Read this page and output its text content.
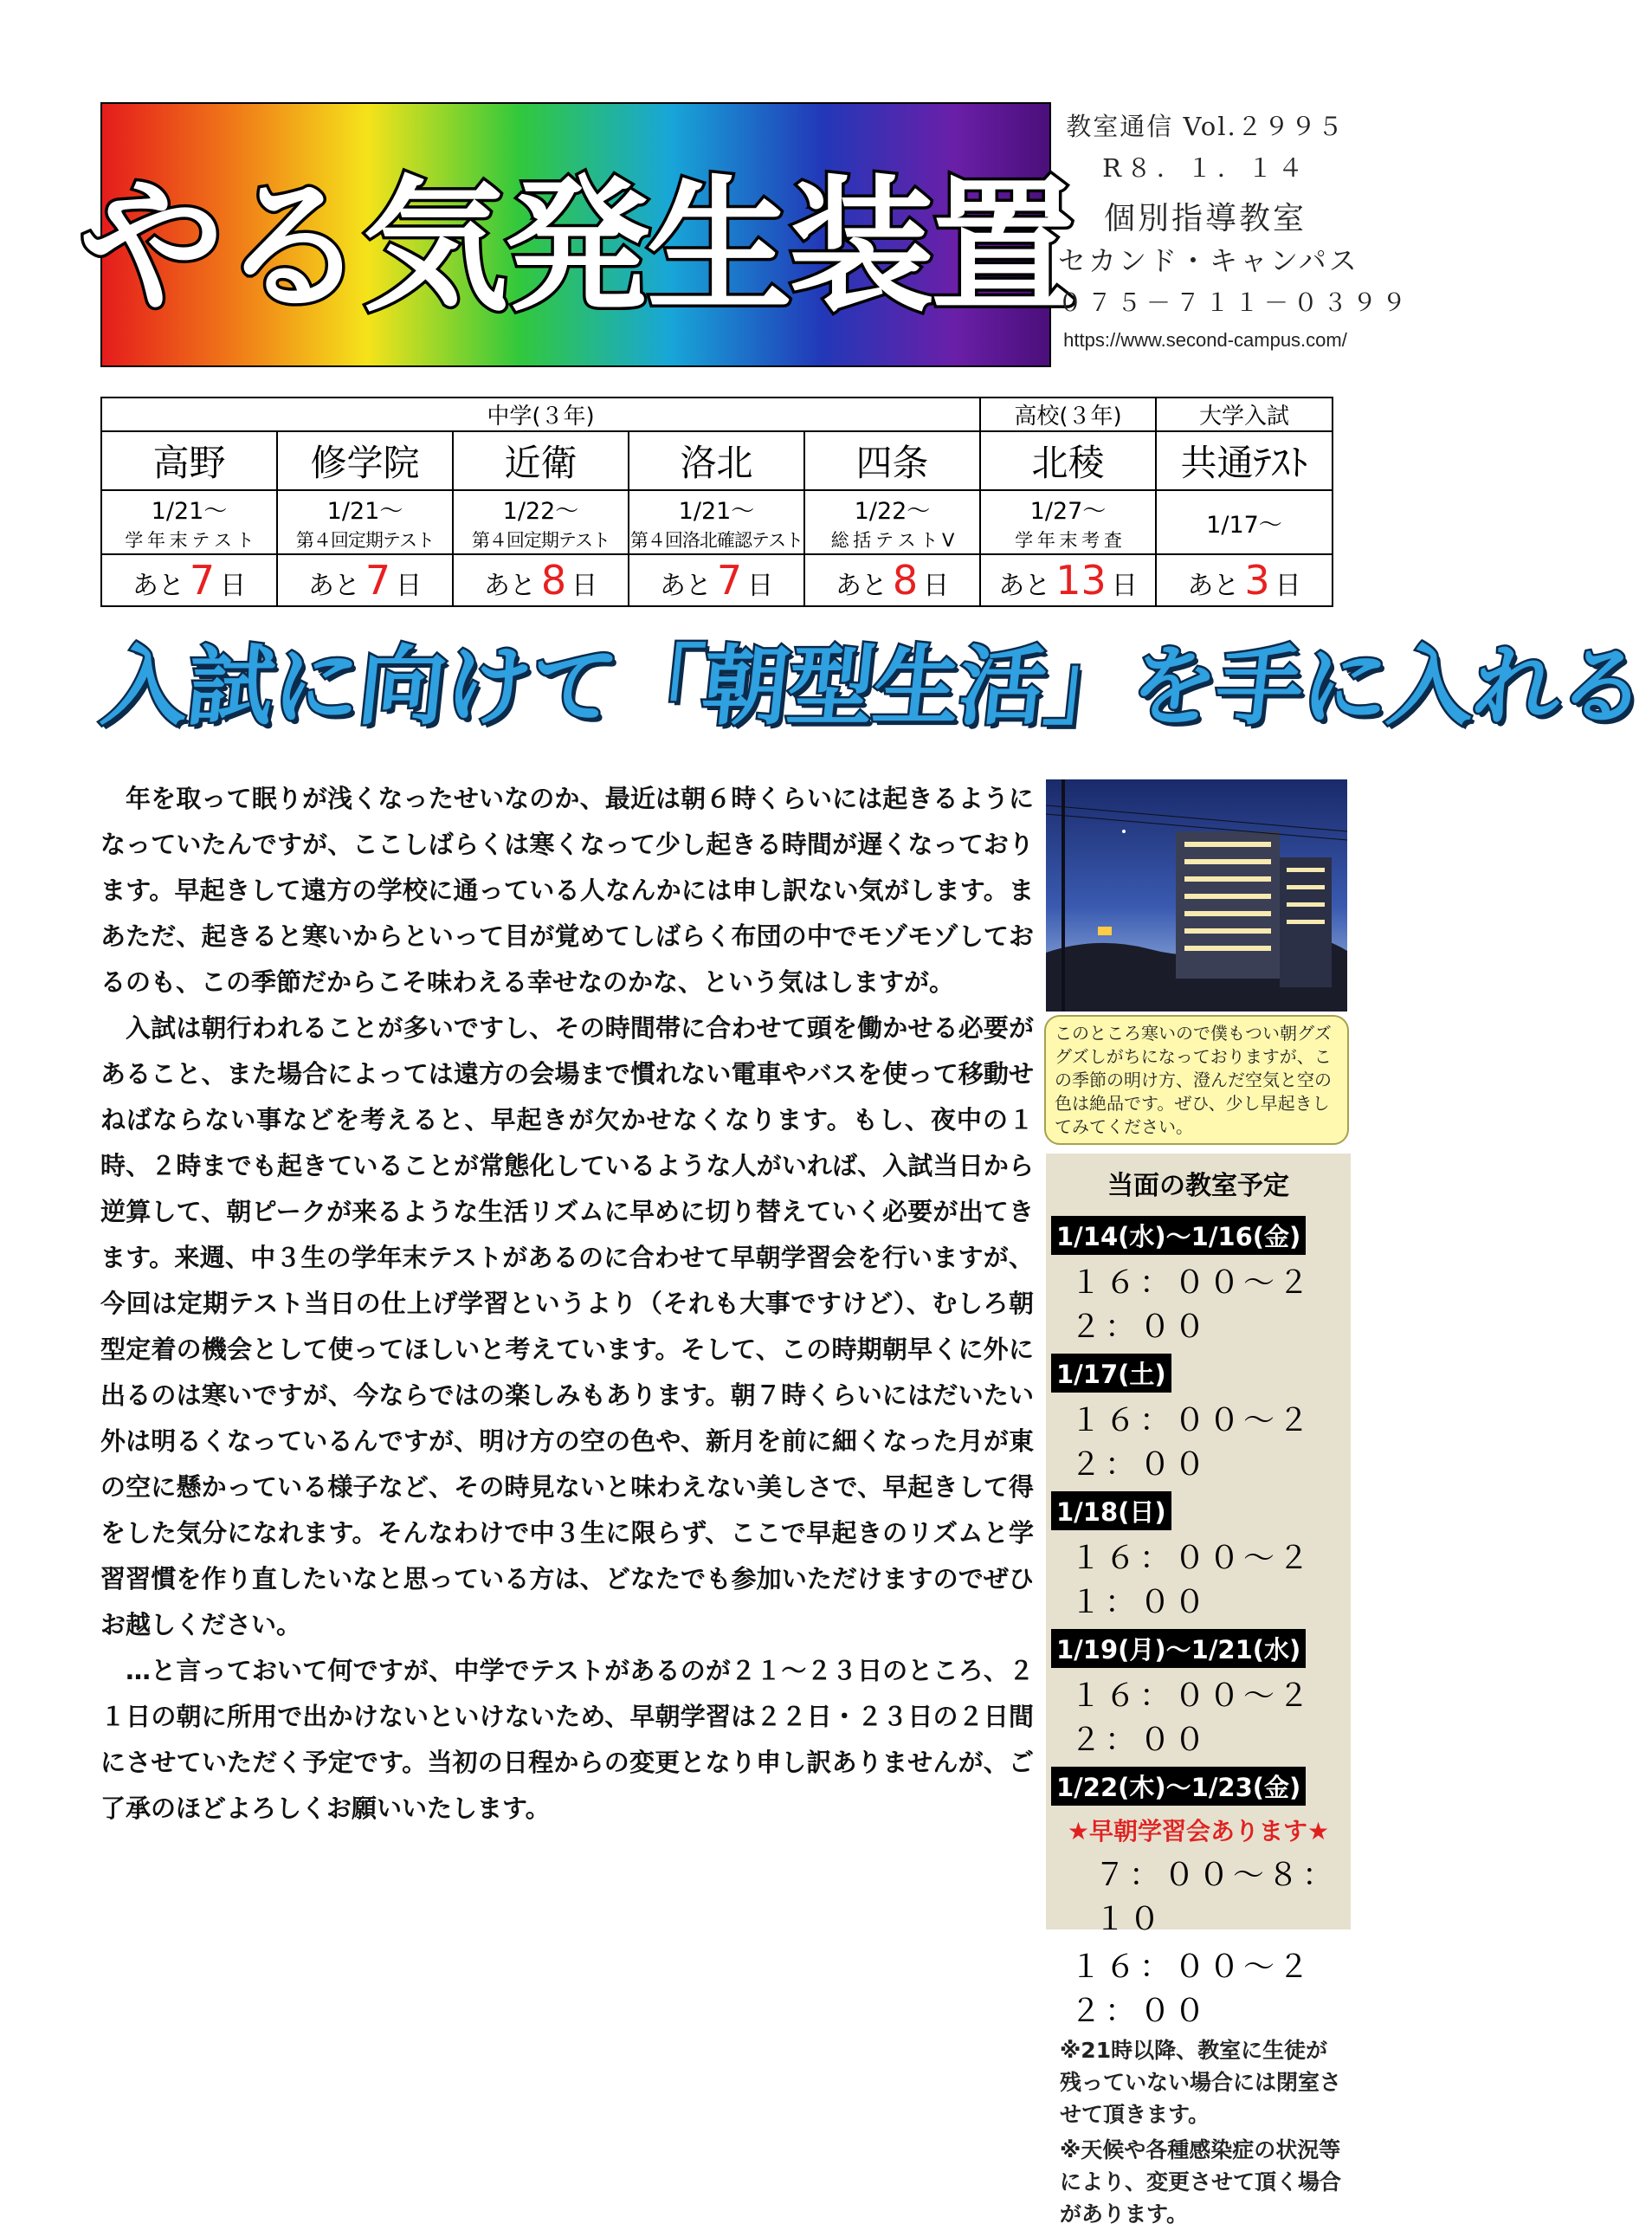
やる気発生装置
教室通信 Vol.２９９５
R８．１．１４
個別指導教室
セカンド・キャンパス
０７５－７１１－０３９９
https://www.second-campus.com/
中学(３年)					高校(３年)	大学入試
高野	修学院	近衛	洛北	四条	北稜	共通ﾃｽﾄ
1/21～	1/21～	1/22～	1/21～	1/22～	1/27～	1/17～
学 年 末 テ ス ト	第４回定期テスト	第４回定期テスト	第４回洛北確認テスト	総 括 テ ス ト Ⅴ	学 年 末 考 査	
あと 7 日	あと 7 日	あと 8 日	あと 7 日	あと 8 日	あと 13 日	あと 3 日
入試に向けて「朝型生活」を手に入れる

年を取って眠りが浅くなったせいなのか、最近は朝６時くらいには起きるようになっていたんですが、ここしばらくは寒くなって少し起きる時間が遅くなっております。早起きして遠方の学校に通っている人なんかには申し訳ない気がします。まあただ、起きると寒いからといって目が覚めてしばらく布団の中でモゾモゾしておるのも、この季節だからこそ味わえる幸せなのかな、という気はしますが。

入試は朝行われることが多いですし、その時間帯に合わせて頭を働かせる必要があること、また場合によっては遠方の会場まで慣れない電車やバスを使って移動せねばならない事などを考えると、早起きが欠かせなくなります。もし、夜中の１時、２時までも起きていることが常態化しているような人がいれば、入試当日から逆算して、朝ピークが来るような生活リズムに早めに切り替えていく必要が出てきます。来週、中３生の学年末テストがあるのに合わせて早朝学習会を行いますが、今回は定期テスト当日の仕上げ学習というより（それも大事ですけど）、むしろ朝型定着の機会として使ってほしいと考えています。そして、この時期朝早くに外に出るのは寒いですが、今ならではの楽しみもあります。朝７時くらいにはだいたい外は明るくなっているんですが、明け方の空の色や、新月を前に細くなった月が東の空に懸かっている様子など、その時見ないと味わえない美しさで、早起きして得をした気分になれます。そんなわけで中３生に限らず、ここで早起きのリズムと学習習慣を作り直したいなと思っている方は、どなたでも参加いただけますのでぜひお越しください。

…と言っておいて何ですが、中学でテストがあるのが２１～２３日のところ、２１日の朝に所用で出かけないといけないため、早朝学習は２２日・２３日の２日間にさせていただく予定です。当初の日程からの変更となり申し訳ありませんが、ご了承のほどよろしくお願いいたします。

このところ寒いので僕もつい朝グズグズしがちになっておりますが、この季節の明け方、澄んだ空気と空の色は絶品です。ぜひ、少し早起きしてみてください。
当面の教室予定
1/14(水)～1/16(金)
１６：００～２２：００
1/17(土)
１６：００～２２：００
1/18(日)
１６：００～２１：００
1/19(月)～1/21(水)
１６：００～２２：００
1/22(木)～1/23(金)
★早朝学習会あります★
７：００～８：１０
１６：００～２２：００
※21時以降、教室に生徒が残っていない場合には閉室させて頂きます。
※天候や各種感染症の状況等により、変更させて頂く場合があります。
